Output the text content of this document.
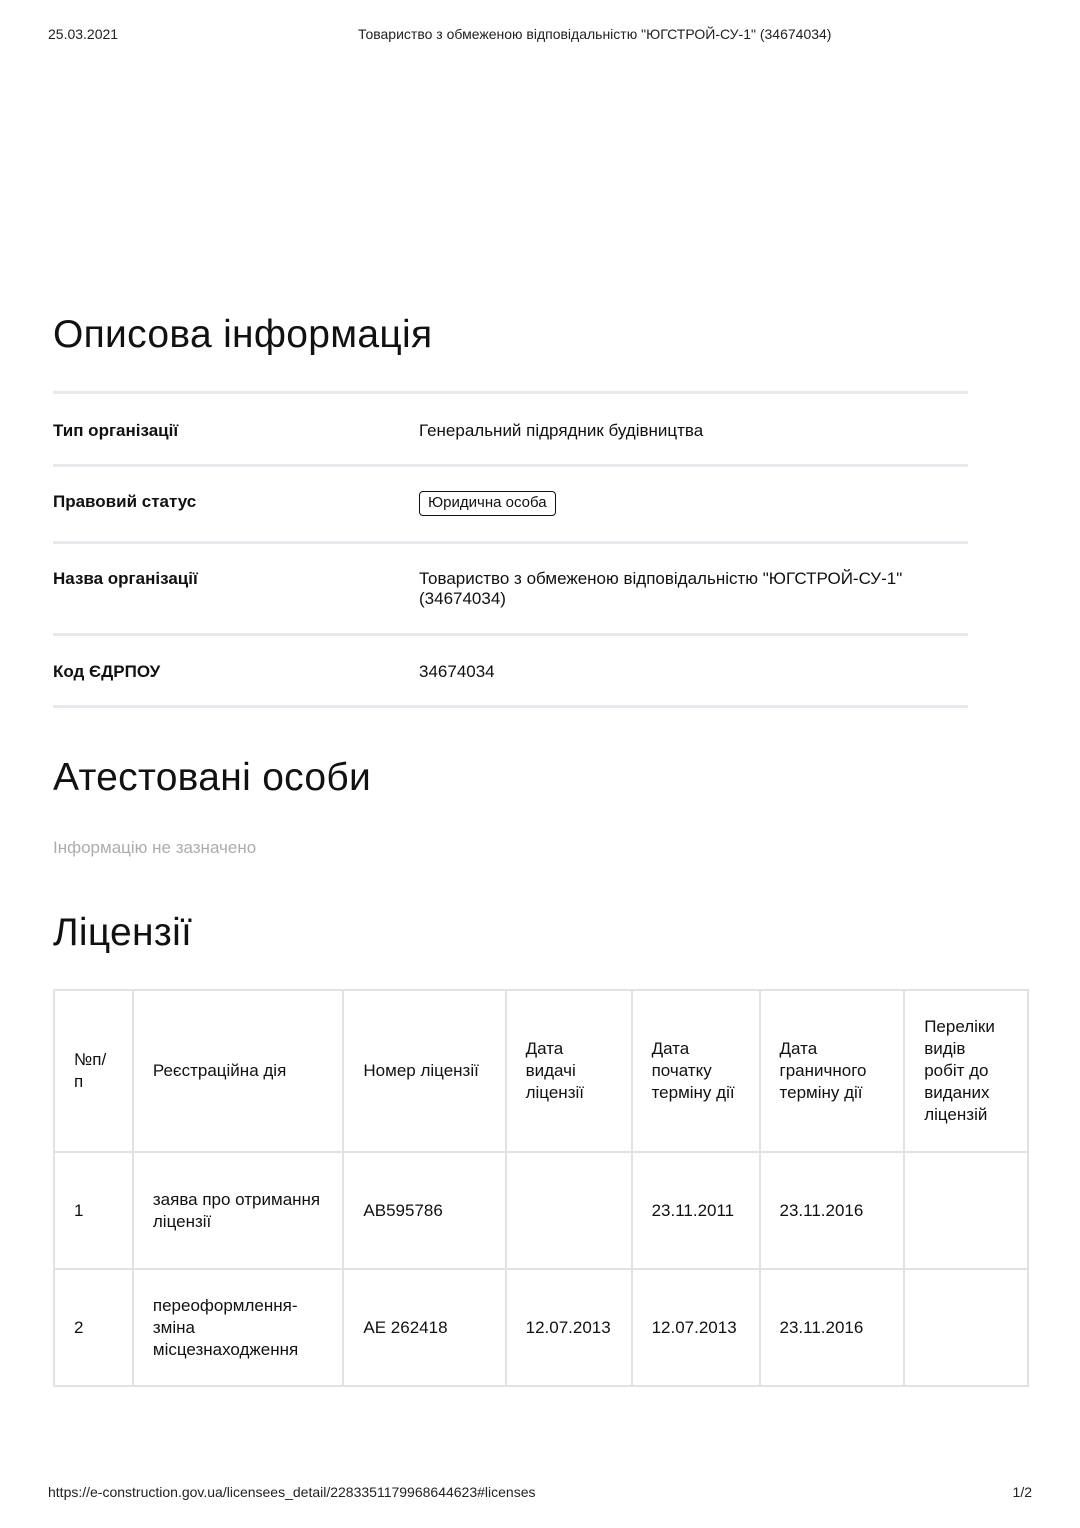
25.03.2021	Товариство з обмеженою відповідальністю "ЮГСТРОЙ-СУ-1" (34674034)
Описова інформація
Тип організації	Генеральний підрядник будівництва
Правовий статус	Юридична особа
Назва організації	Товариство з обмеженою відповідальністю "ЮГСТРОЙ-СУ-1"
(34674034)
Код ЄДРПОУ	34674034
Атестовані особи
Інформацію не зазначено
Ліцензії
№п/п	Реєстраційна дія	Номер ліцензії	Дата видачі ліцензії	Дата початку терміну дії	Дата граничного терміну дії	Переліки видів робіт до виданих ліцензій
1	заява про отримання ліцензії	АВ595786		23.11.2011	23.11.2016	
2	переоформлення-зміна місцезнаходження	АЕ 262418	12.07.2013	12.07.2013	23.11.2016	
https://e-construction.gov.ua/licensees_detail/2283351179968644623#licenses	1/2
